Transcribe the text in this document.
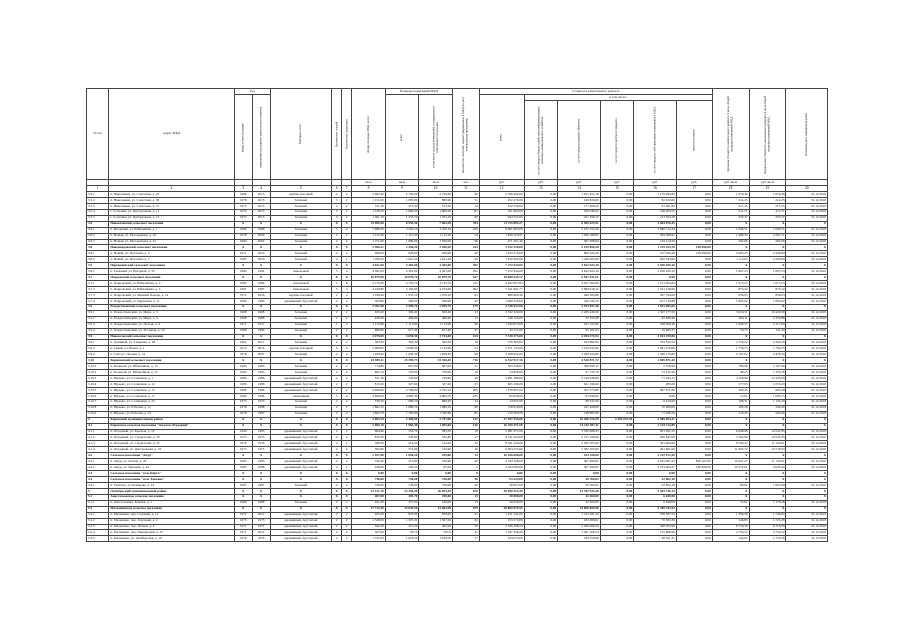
№ п/п	Адрес МКД	Год		Материал стен	Количество этажей	Количество подъездов	общая площадь МКД, всего	Площадь помещений МКД		Количество жителей, зарегистрированных в МКД на дату утверждения программы	Стоимость капитального ремонта						Удельная стоимость капитального ремонта 1 кв.м. общей площади помещений МКД	Предельная стоимость капитального ремонта 1 кв.м общей площади помещений МКД	Плановая дата завершения работ
		ввода в эксплуатацию	завершения последнего капитального ремонта					всего	в том числе жилых помещений, находящихся в собственности граждан		всего	в том числе:							
												за счет средств Фонда содействия реформированию жилищно-коммунального хозяйства	за счет средств краевого бюджета	за счет средств местного бюджета	за счет средств собственников помещений в МКД	иные источники			
							кв.м	кв.м	кв.м	чел.	руб.	руб.	руб.	руб.	руб.	руб.	руб./кв.м	руб./кв.м	
1	2	3	4	5	6	7	8	9	10	11	12	13	14	15	16	17	18	19	20
3.5.1	п. Николаевка, ул. Советская, д. 23	1986	2015	крупно-блочный	4	2	2 602,40	2 750,20	2 750,00	90	2 796 492,00	0,00	1 811 452,18	0,00	1 179 094,82	0,00	1 076,46	1 076,46	31.12.2018
3.5.2	п. Николаевка, ул. Советская, д. 30	1978	2015	блочный	3	2	1 151,00	1 085,80	880,90	51	252 279,00	0,00	169 829,00	0,00	82 450,00	0,00	214,25	214,25	31.12.2018
3.5.3	п. Николаевка, ул. Советская, д. 47	1975	2015	блочный	2	2	511,30	513,30	513,30	14	252 530,00	0,00	171 468,20	0,00	81 061,80	0,00	217,25	217,25	31.12.2018
3.5.4	г. Сосновка, ул. Центральная, д. 11	1974	2015	блочный	3	2	1 318,50	1 660,20	1 660,20	81	251 992,00	0,00	250 048,45	0,00	168 283,55	0,00	211,71	211,71	31.12.2018
3.5.5	г. Сосновка, ул. Центральная, д. 13	1975	2015	блочный	3	2	1 301,70	1 555,70	1 555,70	80	294 552,00	0,00	221 296,72	0,00	213 654,28	0,00	253,37	253,37	31.12.2018
3.6	Новоеловский сельсовет поселения	X	X	X	X	X	14 900,20	8 555,30	7 665,20	394	11 115 805,27	0,00	6 509 623,51	0,00	3 664 676,45	0,00	X	X	X
3.6.1	п. Нагорный, ул. Юбилейная, д. 1	1986	1986	блочный	5	4	7 989,20	3 250,10	3 250,10	244	8 601 695,00	0,00	5 167 252,56	0,00	2 896 712,44	0,00	1 096,51	1 096,51	31.12.2018
3.6.2	п. Новый, ул. Молодежная, д. 20	1978	2000	блочный	2	2	1 215,40	1 115,20	1 115,20	54	1 658 103,87	0,00	1 056 188,95	0,00	584 598,92	0,00	1 489,34	2 261,71	31.12.2018
3.6.3	п. Новый, ул. Молодежная, д. 22	1982	2002	блочный	2	2	1 751,60	1 689,00	1 590,00	96	471 501,40	0,00	307 286,84	0,00	164 214,56	0,00	292,06	292,06	31.12.2018
3.8	Новопокровский сельсовет поселения	X	X	X	X	X	2 386,21	2 296,20	2 296,20	104	3 512 320,00	0,00	2 155 890,20	0,00	1 219 253,70	138 096,00	X	X	X
3.8.1	д. Новый, ул. Почтовая, д. 3	1971	2010	блочный	2	2	690,00	626,00	626,00	26	1 023 516,00	0,00	809 324,20	0,00	107 056,20	138 096,00	2 985,25	2 446,00	31.12.2018
3.8.2	д. Новый, ул. Почтовая, д. 7	1985	2010	блочный	2	2	1 708,20	1 621,20	1 621,20	59	1 818 302,00	0,00	1 246 565,00	0,00	662 543,00	0,00	1 115,05	2 260,00	31.12.2018
3.9	Перевозинский сельсовет поселения	X	X	X	X	X	4 621,00	4 365,00	4 365,00	202	7 272 944,00	0,00	4 622 924,10	0,00	2 650 020,10	0,00	X	X	X
3.9.1	п. Таежный, ул. Нагорная, д. 35	1982	1982	панельный	5	4	4 591,00	4 361,00	4 361,00	202	7 272 944,00	0,00	4 622 924,10	0,00	2 650 020,10	0,00	1 667,23	1 667,23	31.12.2018
3.7	Покровский сельсовет поселения	X	X	X	X	X	10 875,90	10 870,70	10 870,70	527	18 088 635,72	0,00	6 557 631,01	0,00	0,00	0,00	X	X	X
3.7.1	п. Покровский, ул. Юбилейная, д. 3	1984	1984	панельный	5	6	4 179,30	4 135,70	4 135,70	211	4 202 857,83	0,00	3 611 592,99	0,00	1 151 054,84	0,00	1 015,25	1 015,25	31.12.2018
3.7.2	п. Покровский, ул. Юбилейная, д. 5	1987	1987	панельный	5	4	4 229,80	4 194,90	4 194,90	202	7 241 901,77	0,00	3 699 919,12	0,00	1 321 018,66	0,00	873,22	873,22	31.12.2018
3.7.3	п. Покровский, ул. Мычина Кольца, д. 14	1972	2016	крупно-блочный	2	2	1 038,40	1 053,10	1 076,10	65	880 660,36	0,00	496 583,86	0,00	307 534,00	0,00	836,03	836,03	31.12.2018
3.7.4	п. Покровский, ул. Овражная, д. 11	1980	1980	деревянный, брусчатый	2	2	500,80	566,00	566,00	25	1 060 256,66	0,00	420 543,70	0,00	617 119,88	0,00	1 802,02	1 802,02	31.12.2018
3.5	Рождественский сельсовет поселения	X	X	X	X	X	2 761,90	2 599,70	2 599,70	179	4 736 937,06	0,00	2 913 657,46	0,00	1 823 505,65	0,00	X	X	X
3.5.1	п. Рождественский, ул. Мира, д. 3	1968	1968	блочный	2	2	633,20	506,40	506,40	23	2 332 320,00	0,00	2 209 446,50	0,00	1 507 177,50	0,00	3 616,51	10 420,99	31.12.2018
3.5.2	п. Рождественский, ул. Мира, д. 4	1968	1968	блочный	2	2	438,20	466,60	466,60	13	148 125,00	0,00	55 353,28	0,00	92 849,40	0,00	294,11	2 376,88	31.12.2018
3.5.3	п. Рождественский, ул. Лесная, д. 4	1971	1971	блочный	1	2	1 113,60	1 113,60	1 113,60	99	1 109 873,00	0,00	161 522,60	0,00	418 929,40	0,00	1 626,57	2 117,60	31.12.2018
3.5.4	п. Рождественский, ул. Угольная, д. 10	1989	1989	блочный	2	2	689,90	677,40	677,40	21	45 111,00	0,00	25 102,23	0,00	18 683,37	0,00	70,73	131,44	31.12.2018
3.9	Новосельский сельсовет поселения	X	X	X	X	X	4 079,65	3 659,50	3 724,00	163	7 318 273,00	0,00	4 294 274,94	0,00	3 024 199,06	0,00	X	X	X
3.9.1	п. Доминый, ул. Северная, д. 58	1961	2017	блочный	2	2	364,30	364,30	364,30	19	758 395,00	0,00	423 862,90	0,00	334 532,50	0,00	2 156,22	2 424,26	31.12.2018
3.9.2	п. Тихий, ул. Новая, д. 1	1974	2016	крупно-блочный	3	3	2 066,95	2 066,50	1 135,00	54	2 071 133,00	0,00	1 419 633,00	0,00	1 081 476,00	0,00	1 756,73	1 704,33	31.12.2018
3.9.3	п. Сент-ус, Лесная, д. 14	1978	2007	блочный	2	2	1 658,40	1 658,30	1 658,30	60	3 658 952,00	0,00	2 290 624,80	0,00	1 368 176,80	0,00	2 197,02	2 478,34	31.12.2018
3.10	Борисовский сельсовет поселения	X	X	X	X	X	16 985,11	15 399,73	15 356,40	710	6 512 917,16	0,00	4 518 871,72	0,00	1 699 871,20	0,00	X	X	X
3.10.1	п. Большой, ул. Юбилейная, д. 13	1983	1983	блочный	2	2	714,80	667,90	667,90	21	503 239,07	0,00	398 090,17	0,00	5 358,90	0,00	780,99	2 197,06	31.12.2018
3.10.2	п. Большой, ул. Юбилейная, д. 15	1993	1983	блочный	2	2	862,10	720,00	720,00	16	34 856,00	0,00	21 733,70	0,00	13 122,30	0,00	48,25	1 335,28	31.12.2018
3.10.3	п. Юрьево, ул. Солнечная, д. 1	1986	1986	деревянный, брусчатый	2	2	811,20	720,90	720,90	38	3 091 286,00	0,00	3 319 938,88	0,00	71 544,15	0,00	4 106,84	12 445,09	31.12.2018
3.10.4	п. Юрьево, ул. Солнечная, д. 12	1986	1986	деревянный, брусчатый	2	2	813,20	327,60	327,60	25	605 106,00	0,00	621 196,60	0,00	485,00	0,00	577,03	1 055,20	31.12.2018
3.10.5	п. Юрьево, ул. Солнечная, д. 13	1986	1986	деревянный, брусчатый	2	2	4 490,00	2 796,00	2 792,10	209	1 478 997,60	0,00	351 575,80	0,00	807 671,86	0,00	293,45	993,28	31.12.2018
3.10.6	п. Юрьево, ул. Солнечная, д. 17	1986	1986	смешанный	5	4	4 896,00	4 883,30	4 809,70	235	65 839,00	0,00	65 839,00	0,00	0,00	0,00	12,91	1 003,15	31.12.2018
3.10.7	п. Юрьево, ул. Солнечная, д. 23	1973	1973	блочный	2	2	736,50	689,50	689,50	34	74 937,00	0,00	68 347,00	0,00	6 410,00	0,00	108,31	1 145,29	31.12.2018
3.10.8	п. Юрьево, ул. Рабочая, д. 11	1978	1988	блочный	2	2	1 802,15	1 689,10	1 689,10	80	318 919,00	0,00	247 420,00	0,00	70 900,00	0,00	183,29	504,99	31.12.2018
3.10.9	п. Юрьево, ул. Рабочая, д. 23	1978	1987	блочный	2	2	1 865,70	1 760,60	1 760,60	85	219 383,00	0,00	148 087,00	0,00	71 296,50	0,00	116,29	504,99	31.12.2018
4	Кировский муниципальный район	X	X	X	X	X	3 063,70	2 460,90	2 757,00	147	27 297 945,00	0,00	10 456 376,59	2 302 072,49	2 589 693,31	0,00	X	X	X
4.1	Кировское сельское поселение "поселок Отрадный"	X	X	X	X	X	2 966,10	1 965,40	1 965,60	126	16 450 471,00	0,00	14 163 507,11	0,00	2 125 113,89	0,00	X	X	X
4.1.1	п. Отрадный, ул. Красная, д. 10	1940	1983	деревянный, брусчатый	2	2	604,90	552,70	585,50	10	5 081 671,00	0,00	3 550 288,25	0,00	851 021,52	0,00	6 648,98	14 541,85	31.12.2018
4.1.2	п. Отрадный, ул. Строителей, д. 79	1975	1975	деревянный, брусчатый	2	2	870,30	545,80	545,80	17	8 141 643,00	0,00	2 151 196,00	0,00	830 847,00	0,00	5 162,09	14 541,85	31.12.2018
4.1.3	п. Отрадный, ул. Строителей, д. 23	1976	1976	деревянный, брусчатый	2	2	508,30	514,20	514,20	22	8 041 220,00	0,00	2 050 105,00	0,00	301 064,90	0,00	8 766,47	11 145,81	31.12.2018
4.1.4	п. Отрадный, ул. Центральная, д. 16	1975	1975	деревянный, брусчатый	2	2	562,60	516,60	516,60	16	6 994 225,00	0,00	5 582 563,60	0,00	401 661,00	0,00	11 902,72	10 718,93	31.12.2018
4.2	Сельское поселение "Амур"	X	X	X	X	X	2 107,00	1 856,20	255,60	14	16 168 696,00	0,00	534 190,00	0,00	3 212 072,49	0,00	X	X	X
4.2.1	п. Амур, ул. Лесная, д. 26	1983	1983	деревянный, брусчатый	2	2	530,40	513,80	530,60	26	3 544 108,00	0,00	407 496,85	0,00	4 052 907,25	856 107,85	10 421,27	11 145,81	31.12.2018
4.2.2	п. Амур, ул. Заречная, д. 24	1983	1988	деревянный, брусчатый	2	2	248,00	243,50	85,50	2	2 324 582,00	0,00	407 496,85	0,00	4 233 964,37	536 829,00	10 372,01	9 643,42	31.12.2018
4.3	Сельское поселение "село Кирга"	X	X	X	X	X	0,00	0,00	0,00	0	0,00	0,00	0,00	0,00	0,00	0,00	X	X	X
4.4	Сельское поселение "село Таежное"	X	X	X	X	X	736,00	736,00	736,00	36	93 224,00	0,00	36 769,02	0,00	22 862,10	0,00	X	X	X
4.4.1	п. Таежное, ул. Комарова, д. 14	1987	1987	блочный	2	2	736,00	736,00	736,00	36	58 857,00	0,00	36 769,02	0,00	22 852,18	0,00	80,01	1 097,89	31.12.2018
5	Октябрьский муниципальный район	X	X	X	X	X	13 131,70	13 256,30	36 053,20	670	30 990 524,39	0,00	14 782 935,36	0,00	3 303 746,12	0,00	X	X	X
5.1	Анастасьевское сельское поселение	X	X	X	X	X	407,00	203,70	236,00	13	20 000,00	0,00	22 260,00	0,00	6 649,00	0,00	X	X	X
5.1.1	п. Анастасьевка, Зеленая, д. 1	1986	1986	блочный	2	2	441,00	357,00	236,00	13	29 059,00	0,00	22 260,00	0,00	6 649,00	0,00	74,01	1 176,48	31.12.2018
5.2	Малышевское сельское поселение	X	X	X	X	X	17 712,20	15 043,50	15 062,50	679	28 869 979,52	0,00	24 800 695,96	0,00	5 289 343,52	0,00	X	X	X
5.2.1	п. Малышево, пер. Садовый, д. 12	1972	2012	деревянный, брусчатый	2	2	935,20	870,00	870,00	21	1 221 241,00	0,00	1 212 281,23	0,00	538 587,54	0,00	1 396,30	1 749,84	31.12.2018
5.2.2	п. Малышево, пер. Торговый, д. 2	1973	1973	деревянный, брусчатый	2	2	1 328,00	1 597,20	1 597,20	64	253 272,06	0,00	182 068,61	0,00	70 503,39	0,00	146,83	1 723,28	31.12.2018
5.2.3	п. Малышево, пер. Лесной, д. 4	1971	1971	деревянный, брусчатый	2	2	342,20	315,20	363,20	20	2 766 298,24	0,00	2 420 206,34	0,00	346 052,90	0,00	6 716,30	6 716,30	31.12.2018
5.2.4	п. Малышево, пер. Пионерский, д. 35	1971	2012	деревянный, брусчатый	2	2	567,00	567,0	567,0	31	1 597 436,20	0,00	1 461 566,54	0,00	135 869,66	0,00	2 754,52	2 754,52	31.12.2018
5.2.5	п. Малышево, ул. Октябрьская, д. 16	1976	1976	деревянный, брусчатый	2	2	1 721,00	1 618,50	1 618,50	77	234 073,00	0,00	185 550,69	0,00	48 521,31	0,00	144,62	1 723,28	31.12.2018
